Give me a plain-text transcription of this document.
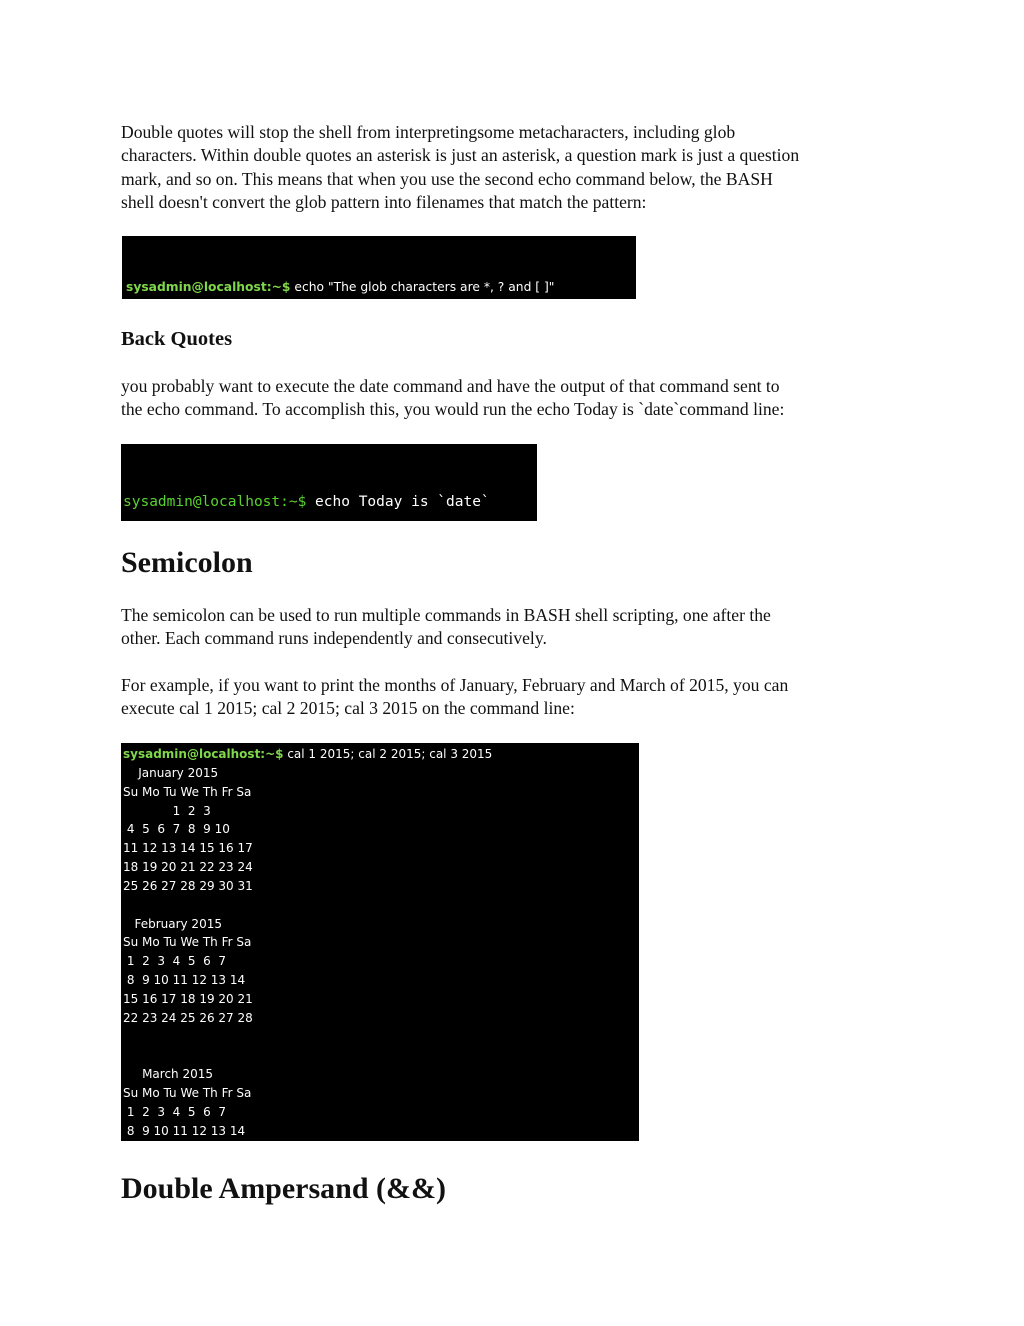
Double quotes will stop the shell from interpretingsome metacharacters, including glob
characters. Within double quotes an asterisk is just an asterisk, a question mark is just a question
mark, and so on. This means that when you use the second echo command below, the BASH
shell doesn't convert the glob pattern into filenames that match the pattern:

sysadmin@localhost:~$ echo "The glob characters are *, ? and [ ]"

Back Quotes

you probably want to execute the date command and have the output of that command sent to
the echo command. To accomplish this, you would run the echo Today is `date`command line:

sysadmin@localhost:~$ echo Today is `date`

Semicolon

The semicolon can be used to run multiple commands in BASH shell scripting, one after the
other. Each command runs independently and consecutively.

For example, if you want to print the months of January, February and March of 2015, you can
execute cal 1 2015; cal 2 2015; cal 3 2015 on the command line:

sysadmin@localhost:~$ cal 1 2015; cal 2 2015; cal 3 2015
January 2015
Su Mo Tu We Th Fr Sa
1  2  3
4  5  6  7  8  9 10
11 12 13 14 15 16 17
18 19 20 21 22 23 24
25 26 27 28 29 30 31

February 2015
Su Mo Tu We Th Fr Sa
1  2  3  4  5  6  7
8  9 10 11 12 13 14
15 16 17 18 19 20 21
22 23 24 25 26 27 28

March 2015
Su Mo Tu We Th Fr Sa
1  2  3  4  5  6  7
8  9 10 11 12 13 14
Double Ampersand (&&)
